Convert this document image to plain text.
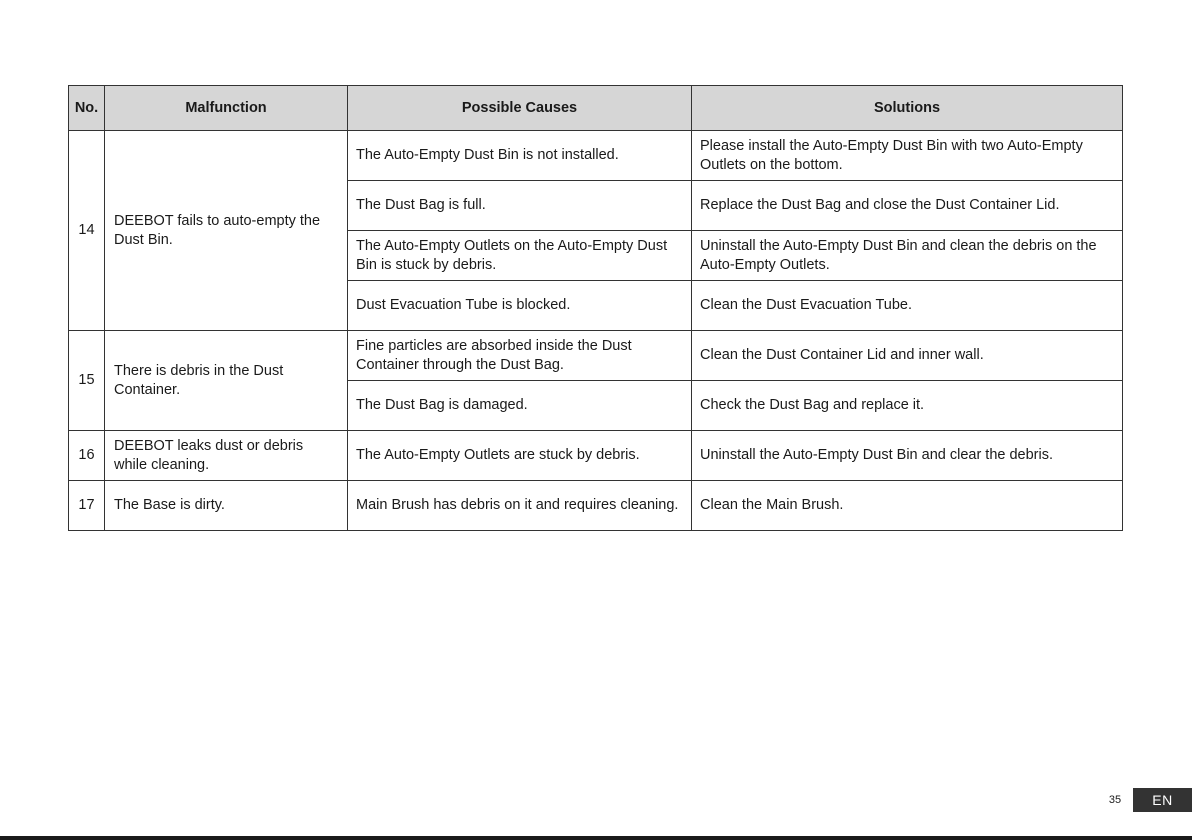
No.	Malfunction	Possible Causes	Solutions
14	DEEBOT fails to auto-empty the Dust Bin.	The Auto-Empty Dust Bin is not installed.	Please install the Auto-Empty Dust Bin with two Auto-Empty Outlets on the bottom.
		The Dust Bag is full.	Replace the Dust Bag and close the Dust Container Lid.
		The Auto-Empty Outlets on the Auto-Empty Dust Bin is stuck by debris.	Uninstall the Auto-Empty Dust Bin and clean the debris on the Auto-Empty Outlets.
		Dust Evacuation Tube is blocked.	Clean the Dust Evacuation Tube.
15	There is debris in the Dust Container.	Fine particles are absorbed inside the Dust Container through the Dust Bag.	Clean the Dust Container Lid and inner wall.
		The Dust Bag is damaged.	Check the Dust Bag and replace it.
16	DEEBOT leaks dust or debris while cleaning.	The Auto-Empty Outlets are stuck by debris.	Uninstall the Auto-Empty Dust Bin and clear the debris.
17	The Base is dirty.	Main Brush has debris on it and requires cleaning.	Clean the Main Brush.
35	EN
